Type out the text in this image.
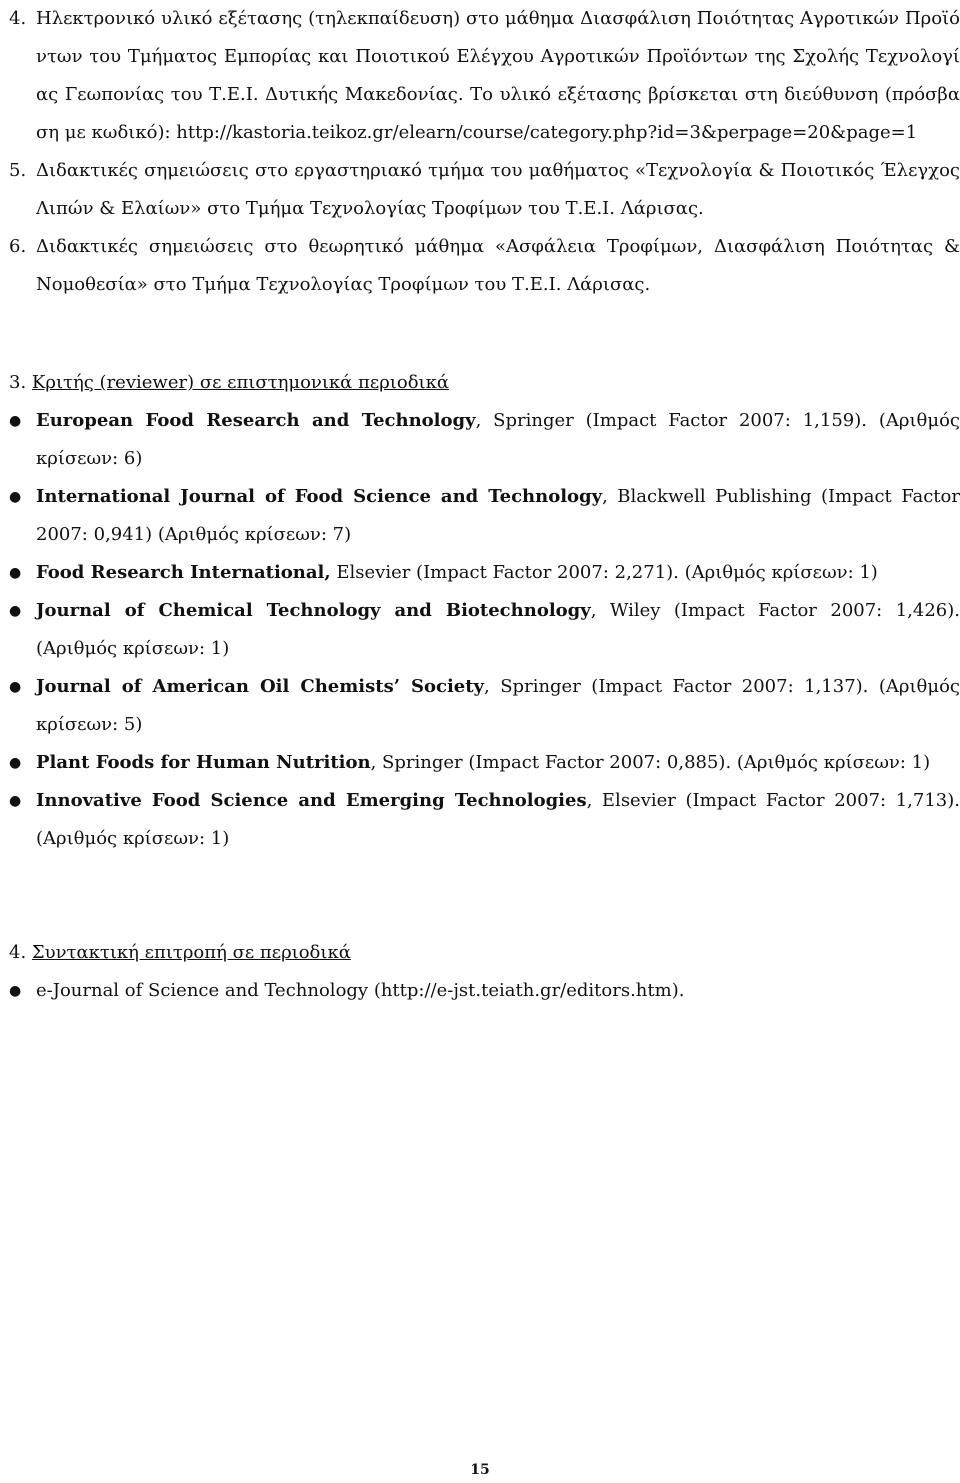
4. Ηλεκτρονικό υλικό εξέτασης (τηλεκπαίδευση) στο μάθημα Διασφάλιση Ποιότητας Αγροτικών Προϊόντων του Τμήματος Εμπορίας και Ποιοτικού Ελέγχου Αγροτικών Προϊόντων της Σχολής Τεχνολογίας Γεωπονίας του Τ.Ε.Ι. Δυτικής Μακεδονίας. Το υλικό εξέτασης βρίσκεται στη διεύθυνση (πρόσβαση με κωδικό): http://kastoria.teikoz.gr/elearn/course/category.php?id=3&perpage=20&page=1
5. Διδακτικές σημειώσεις στο εργαστηριακό τμήμα του μαθήματος «Τεχνολογία & Ποιοτικός Έλεγχος Λιπών & Ελαίων» στο Τμήμα Τεχνολογίας Τροφίμων του Τ.Ε.Ι. Λάρισας.
6. Διδακτικές σημειώσεις στο θεωρητικό μάθημα «Ασφάλεια Τροφίμων, Διασφάλιση Ποιότητας & Νομοθεσία» στο Τμήμα Τεχνολογίας Τροφίμων του Τ.Ε.Ι. Λάρισας.
3. Κριτής (reviewer) σε επιστημονικά περιοδικά
● European Food Research and Technology, Springer (Impact Factor 2007: 1,159). (Αριθμός κρίσεων: 6)
● International Journal of Food Science and Technology, Blackwell Publishing (Impact Factor 2007: 0,941) (Αριθμός κρίσεων: 7)
● Food Research International, Elsevier (Impact Factor 2007: 2,271). (Αριθμός κρίσεων: 1)
● Journal of Chemical Technology and Biotechnology, Wiley (Impact Factor 2007: 1,426). (Αριθμός κρίσεων: 1)
● Journal of American Oil Chemists’ Society, Springer (Impact Factor 2007: 1,137). (Αριθμός κρίσεων: 5)
● Plant Foods for Human Nutrition, Springer (Impact Factor 2007: 0,885). (Αριθμός κρίσεων: 1)
● Innovative Food Science and Emerging Technologies, Elsevier (Impact Factor 2007: 1,713). (Αριθμός κρίσεων: 1)
4. Συντακτική επιτροπή σε περιοδικά
● e-Journal of Science and Technology (http://e-jst.teiath.gr/editors.htm).
15
